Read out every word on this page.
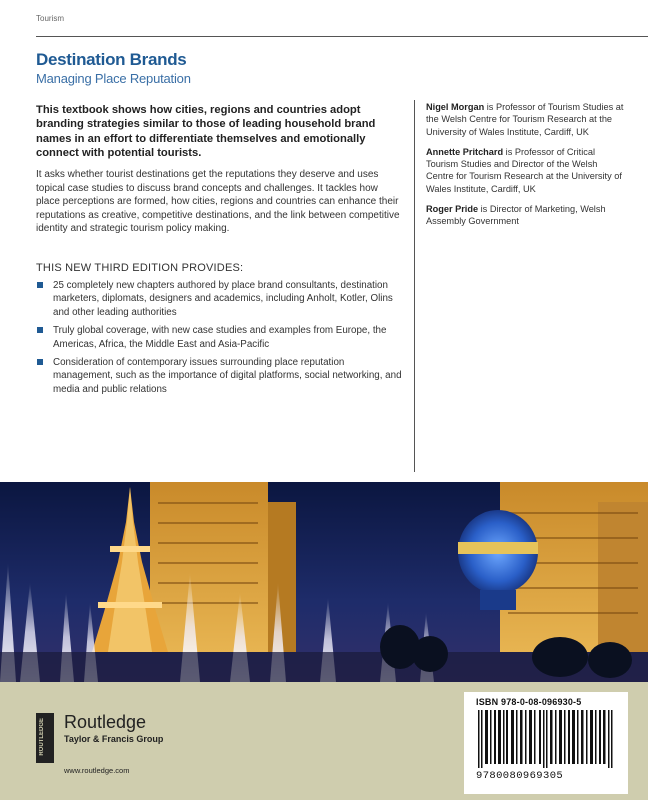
Tourism
Destination Brands
Managing Place Reputation
This textbook shows how cities, regions and countries adopt branding strategies similar to those of leading household brand names in an effort to differentiate themselves and emotionally connect with potential tourists.
It asks whether tourist destinations get the reputations they deserve and uses topical case studies to discuss brand concepts and challenges. It tackles how place perceptions are formed, how cities, regions and countries can enhance their reputations as creative, competitive destinations, and the link between competitive identity and strategic tourism policy making.
THIS NEW THIRD EDITION PROVIDES:
25 completely new chapters authored by place brand consultants, destination marketers, diplomats, designers and academics, including Anholt, Kotler, Olins and other leading authorities
Truly global coverage, with new case studies and examples from Europe, the Americas, Africa, the Middle East and Asia-Pacific
Consideration of contemporary issues surrounding place reputation management, such as the importance of digital platforms, social networking, and media and public relations
Nigel Morgan is Professor of Tourism Studies at the Welsh Centre for Tourism Research at the University of Wales Institute, Cardiff, UK
Annette Pritchard is Professor of Critical Tourism Studies and Director of the Welsh Centre for Tourism Research at the University of Wales Institute, Cardiff, UK
Roger Pride is Director of Marketing, Welsh Assembly Government
ROUTLEDGE Routledge
Taylor & Francis Group
www.routledge.com
ISBN 978-0-08-096930-5
9780080969305
